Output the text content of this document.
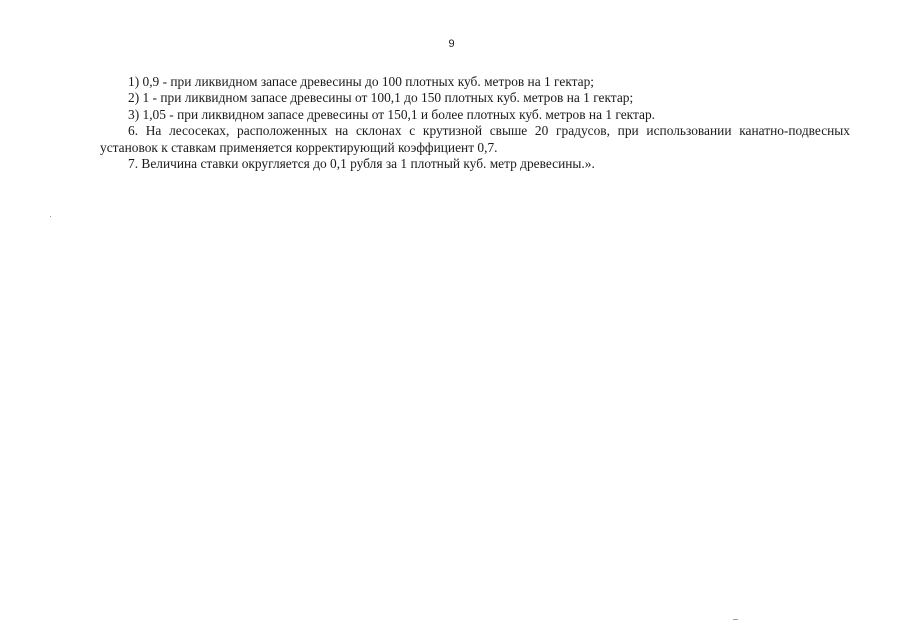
9

1) 0,9 - при ликвидном запасе древесины до 100 плотных куб. метров на 1 гектар;

2) 1 - при ликвидном запасе древесины от 100,1 до 150 плотных куб. метров на 1 гектар;

3) 1,05 - при ликвидном запасе древесины от 150,1 и более плотных куб. метров на 1 гектар.

6. На лесосеках, расположенных на склонах с крутизной свыше 20 градусов, при использовании канатно-подвесных установок к ставкам применяется корректирующий коэффициент 0,7.

7. Величина ставки округляется до 0,1 рубля за 1 плотный куб. метр древесины.».
